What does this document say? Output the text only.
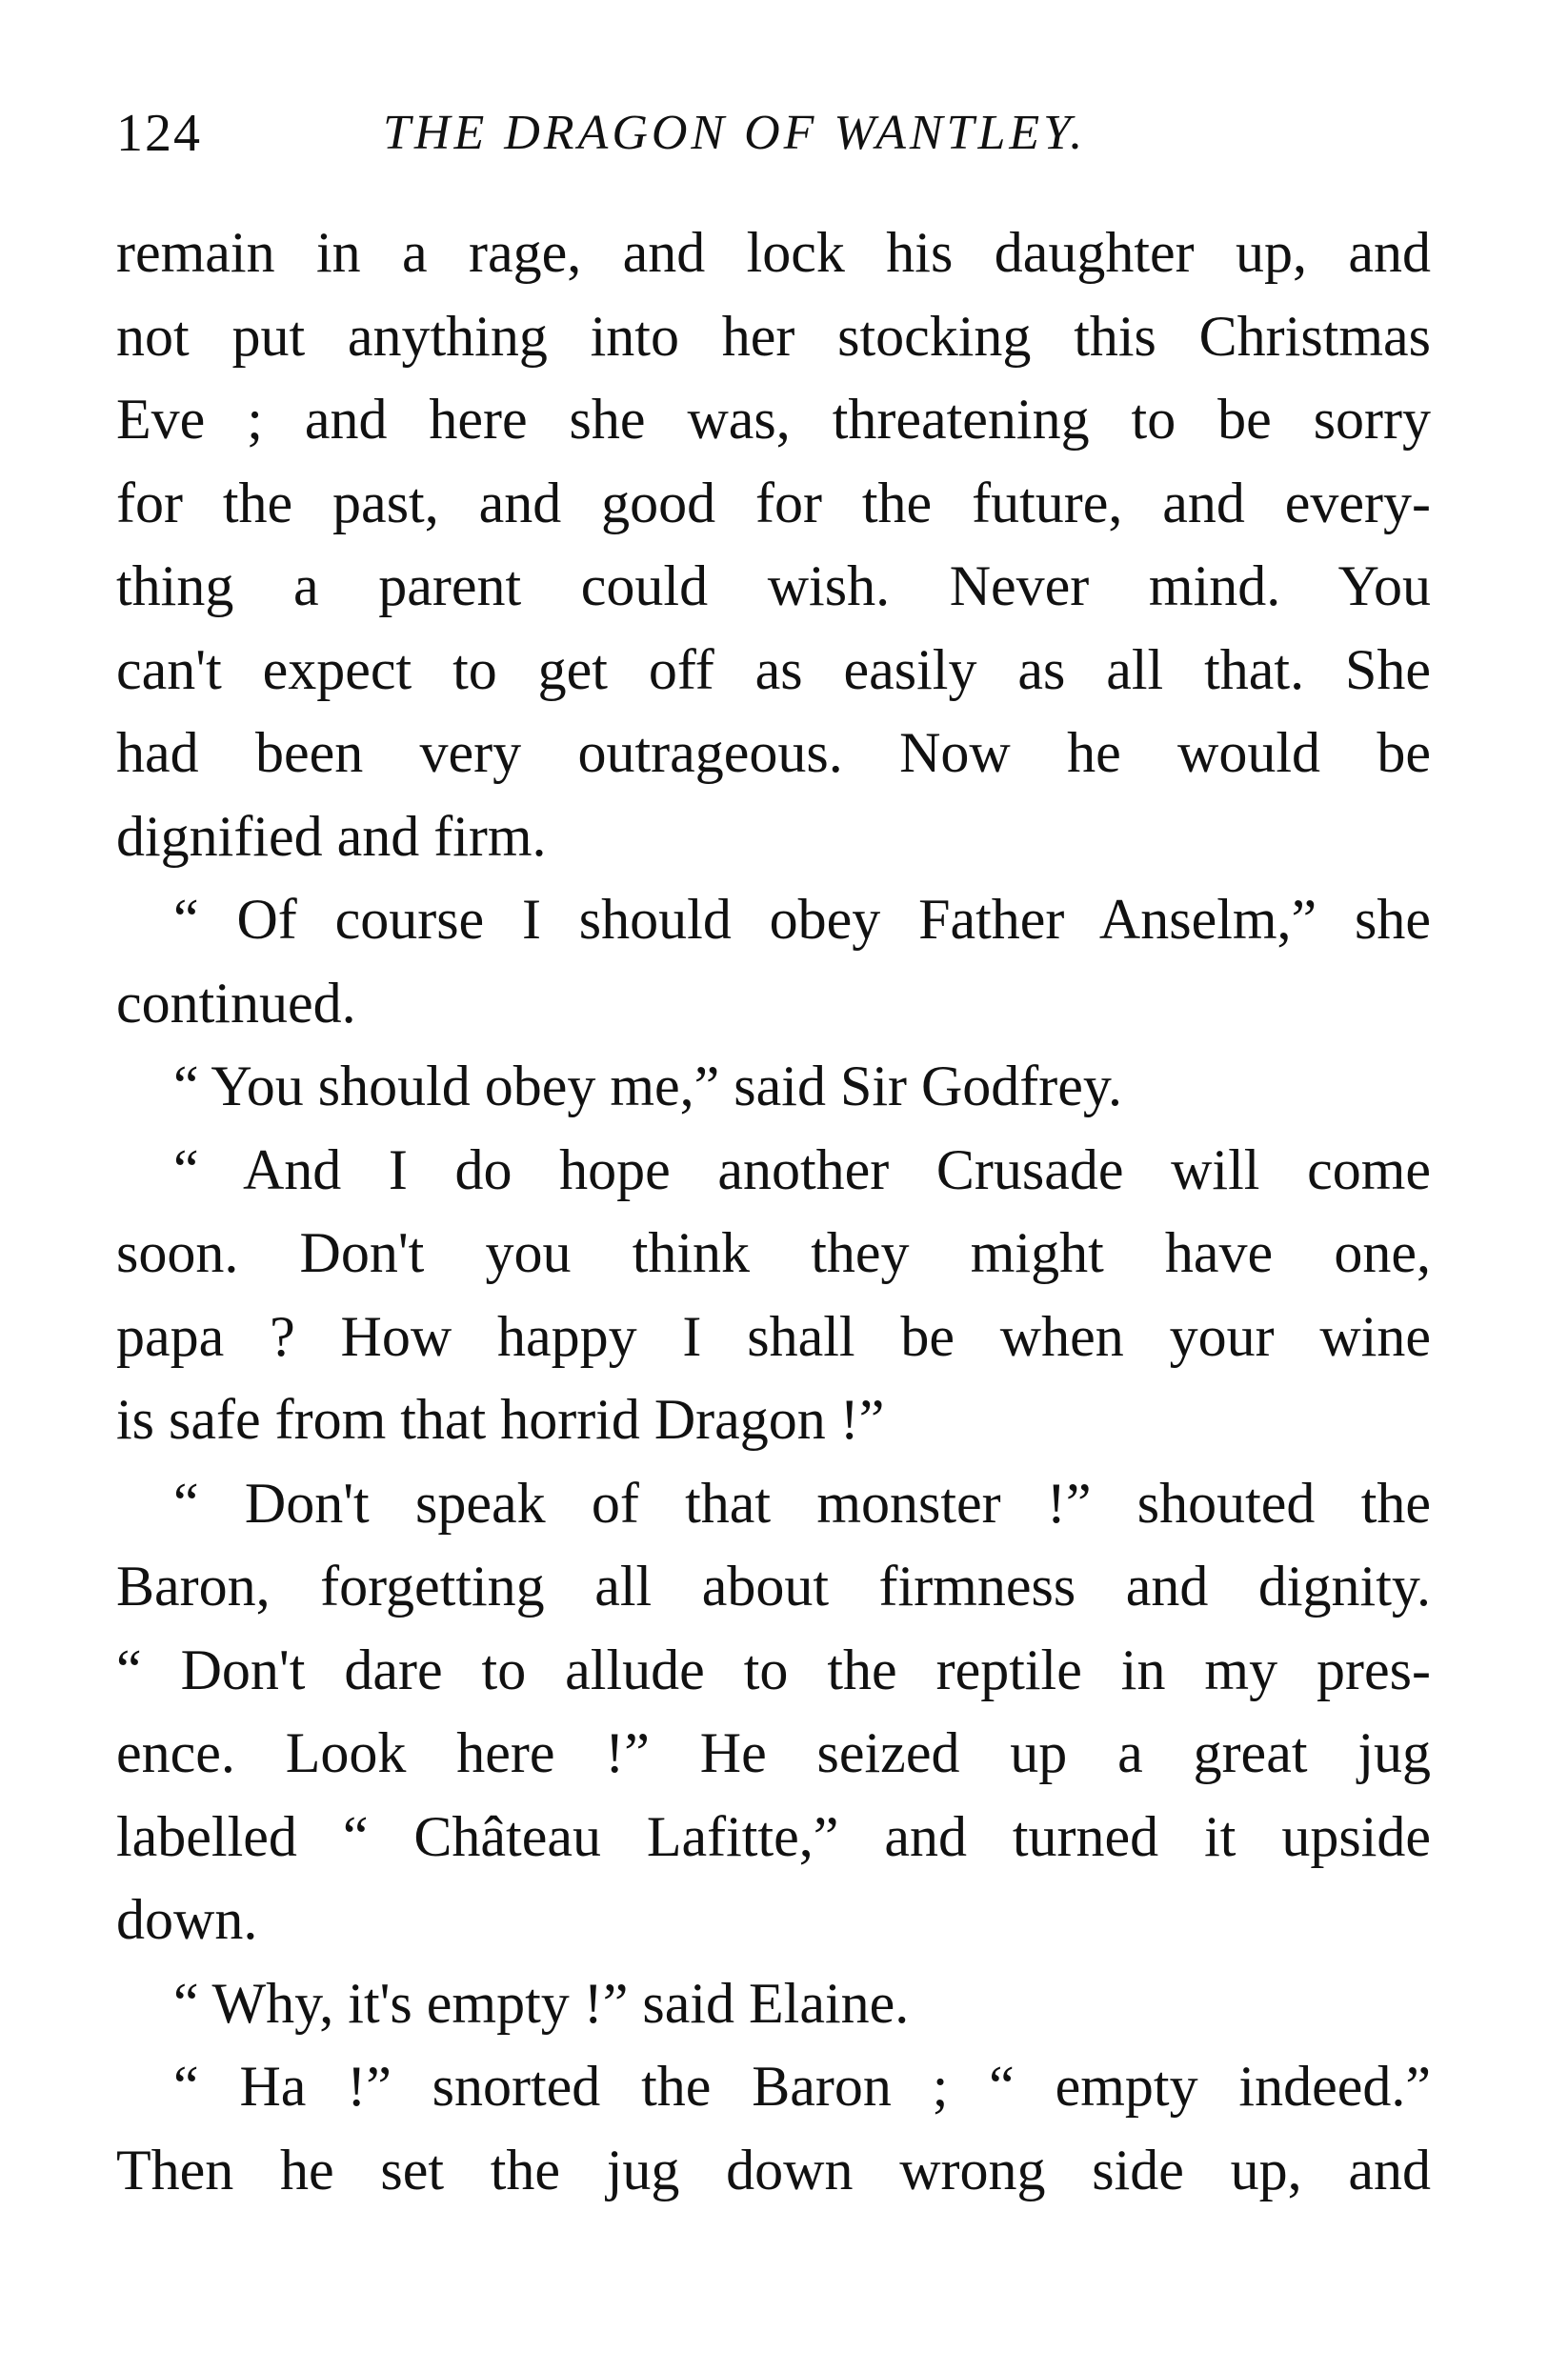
124	THE DRAGON OF WANTLEY.
remain in a rage, and lock his daughter up, and
not put anything into her stocking this Christmas
Eve ; and here she was, threatening to be sorry
for the past, and good for the future, and every-
thing a parent could wish. Never mind. You
can't expect to get off as easily as all that. She
had been very outrageous. Now he would be
dignified and firm.
“ Of course I should obey Father Anselm,” she
continued.
“ You should obey me,” said Sir Godfrey.
“ And I do hope another Crusade will come
soon. Don't you think they might have one,
papa ? How happy I shall be when your wine
is safe from that horrid Dragon !”
“ Don't speak of that monster !” shouted the
Baron, forgetting all about firmness and dignity.
“ Don't dare to allude to the reptile in my pres-
ence. Look here !” He seized up a great jug
labelled “ Château Lafitte,” and turned it upside
down.
“ Why, it's empty !” said Elaine.
“ Ha !” snorted the Baron ; “ empty indeed.”
Then he set the jug down wrong side up, and
